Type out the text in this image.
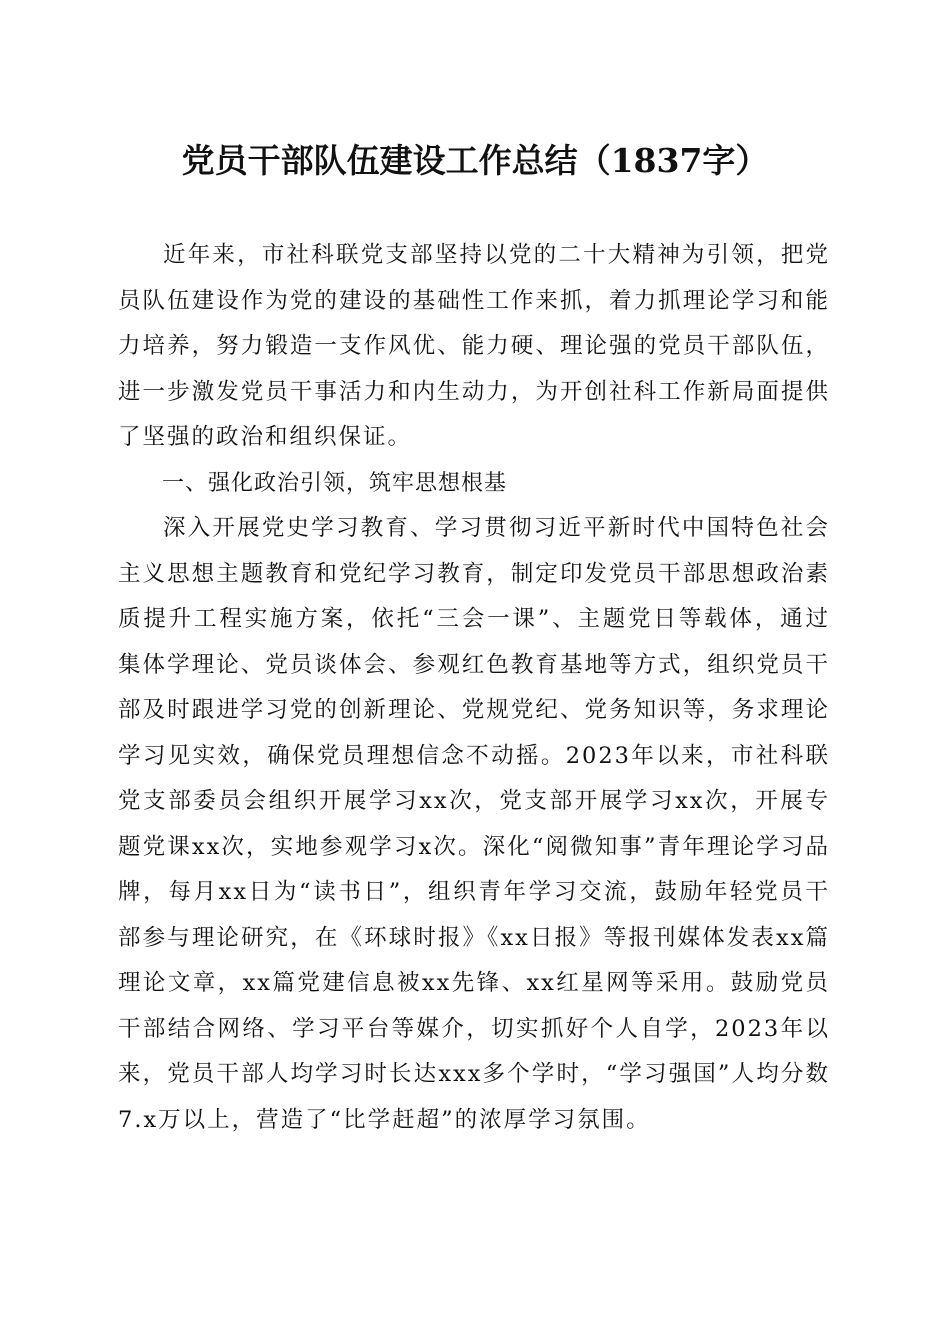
党员干部队伍建设工作总结（1837字）

近年来，市社科联党支部坚持以党的二十大精神为引领，把党员队伍建设作为党的建设的基础性工作来抓，着力抓理论学习和能力培养，努力锻造一支作风优、能力硬、理论强的党员干部队伍，进一步激发党员干事活力和内生动力，为开创社科工作新局面提供了坚强的政治和组织保证。

一、强化政治引领，筑牢思想根基

深入开展党史学习教育、学习贯彻习近平新时代中国特色社会主义思想主题教育和党纪学习教育，制定印发党员干部思想政治素质提升工程实施方案，依托“三会一课”、主题党日等载体，通过集体学理论、党员谈体会、参观红色教育基地等方式，组织党员干部及时跟进学习党的创新理论、党规党纪、党务知识等，务求理论学习见实效，确保党员理想信念不动摇。2023年以来，市社科联党支部委员会组织开展学习xx次，党支部开展学习xx次，开展专题党课xx次，实地参观学习x次。深化“阅微知事”青年理论学习品牌，每月xx日为“读书日”，组织青年学习交流，鼓励年轻党员干部参与理论研究，在《环球时报》《xx日报》等报刊媒体发表xx篇理论文章，xx篇党建信息被xx先锋、xx红星网等采用。鼓励党员干部结合网络、学习平台等媒介，切实抓好个人自学，2023年以来，党员干部人均学习时长达xxx多个学时，“学习强国”人均分数7.x万以上，营造了“比学赶超”的浓厚学习氛围。
